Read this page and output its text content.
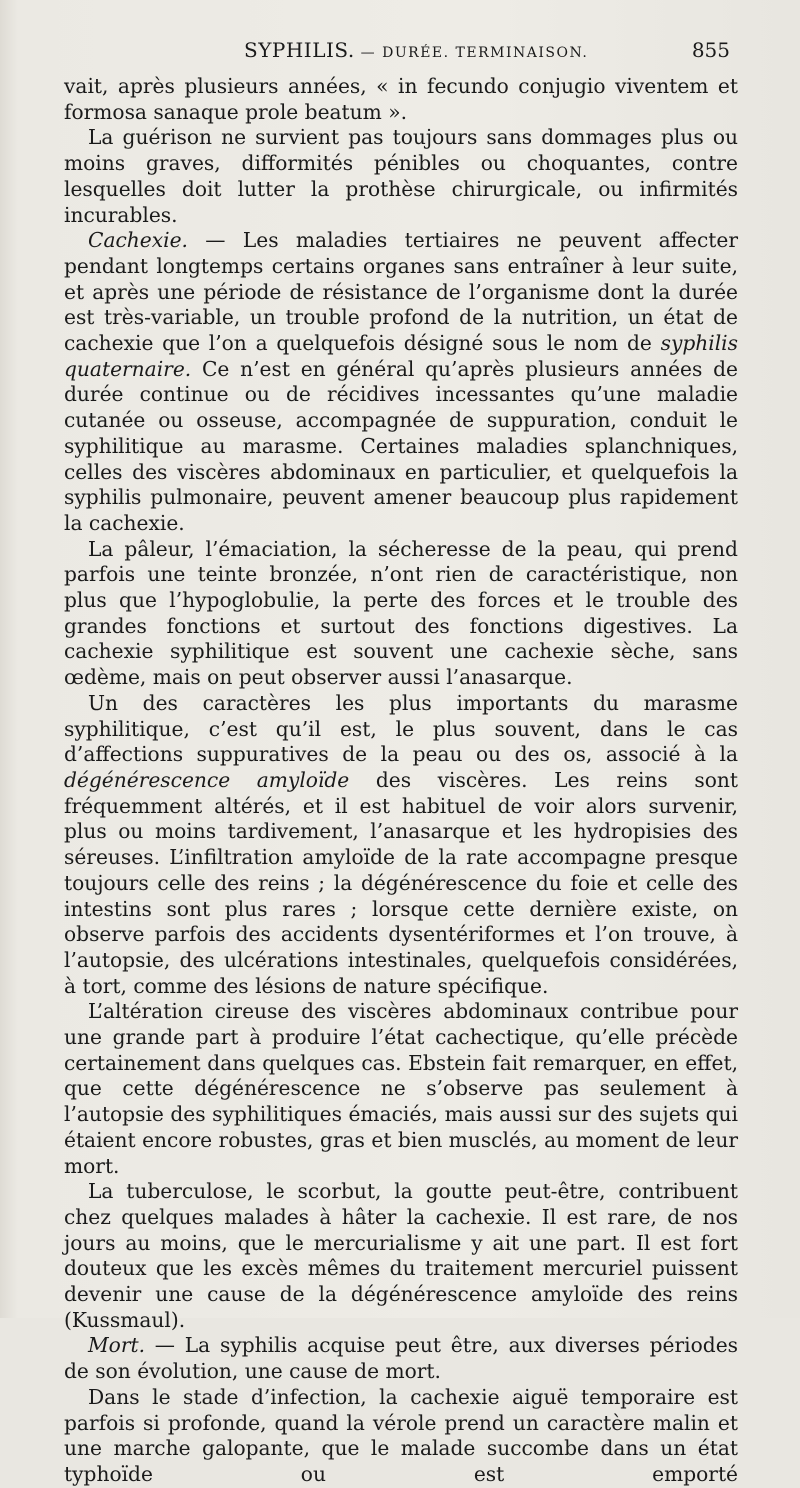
SYPHILIS. — DURÉE. TERMINAISON.	855

vait, après plusieurs années, « in fecundo conjugio viventem et formosa sanaque prole beatum ».

La guérison ne survient pas toujours sans dommages plus ou moins graves, difformités pénibles ou choquantes, contre lesquelles doit lutter la prothèse chirurgicale, ou infirmités incurables.

Cachexie. — Les maladies tertiaires ne peuvent affecter pendant longtemps certains organes sans entraîner à leur suite, et après une période de résistance de l’organisme dont la durée est très-variable, un trouble profond de la nutrition, un état de cachexie que l’on a quelquefois désigné sous le nom de syphilis quaternaire. Ce n’est en général qu’après plusieurs années de durée continue ou de récidives incessantes qu’une maladie cutanée ou osseuse, accompagnée de suppuration, conduit le syphilitique au marasme. Certaines maladies splanchniques, celles des viscères abdominaux en particulier, et quelquefois la syphilis pulmonaire, peuvent amener beaucoup plus rapidement la cachexie.

La pâleur, l’émaciation, la sécheresse de la peau, qui prend parfois une teinte bronzée, n’ont rien de caractéristique, non plus que l’hypoglobulie, la perte des forces et le trouble des grandes fonctions et surtout des fonctions digestives. La cachexie syphilitique est souvent une cachexie sèche, sans œdème, mais on peut observer aussi l’anasarque.

Un des caractères les plus importants du marasme syphilitique, c’est qu’il est, le plus souvent, dans le cas d’affections suppuratives de la peau ou des os, associé à la dégénérescence amyloïde des viscères. Les reins sont fréquemment altérés, et il est habituel de voir alors survenir, plus ou moins tardivement, l’anasarque et les hydropisies des séreuses. L’infiltration amyloïde de la rate accompagne presque toujours celle des reins ; la dégénérescence du foie et celle des intestins sont plus rares ; lorsque cette dernière existe, on observe parfois des accidents dysentériformes et l’on trouve, à l’autopsie, des ulcérations intestinales, quelquefois considérées, à tort, comme des lésions de nature spécifique.

L’altération cireuse des viscères abdominaux contribue pour une grande part à produire l’état cachectique, qu’elle précède certainement dans quelques cas. Ebstein fait remarquer, en effet, que cette dégénérescence ne s’observe pas seulement à l’autopsie des syphilitiques émaciés, mais aussi sur des sujets qui étaient encore robustes, gras et bien musclés, au moment de leur mort.

La tuberculose, le scorbut, la goutte peut-être, contribuent chez quelques malades à hâter la cachexie. Il est rare, de nos jours au moins, que le mercurialisme y ait une part. Il est fort douteux que les excès mêmes du traitement mercuriel puissent devenir une cause de la dégénérescence amyloïde des reins (Kussmaul).

Mort. — La syphilis acquise peut être, aux diverses périodes de son évolution, une cause de mort.

Dans le stade d’infection, la cachexie aiguë temporaire est parfois si profonde, quand la vérole prend un caractère malin et une marche galopante, que le malade succombe dans un état typhoïde ou est emporté
